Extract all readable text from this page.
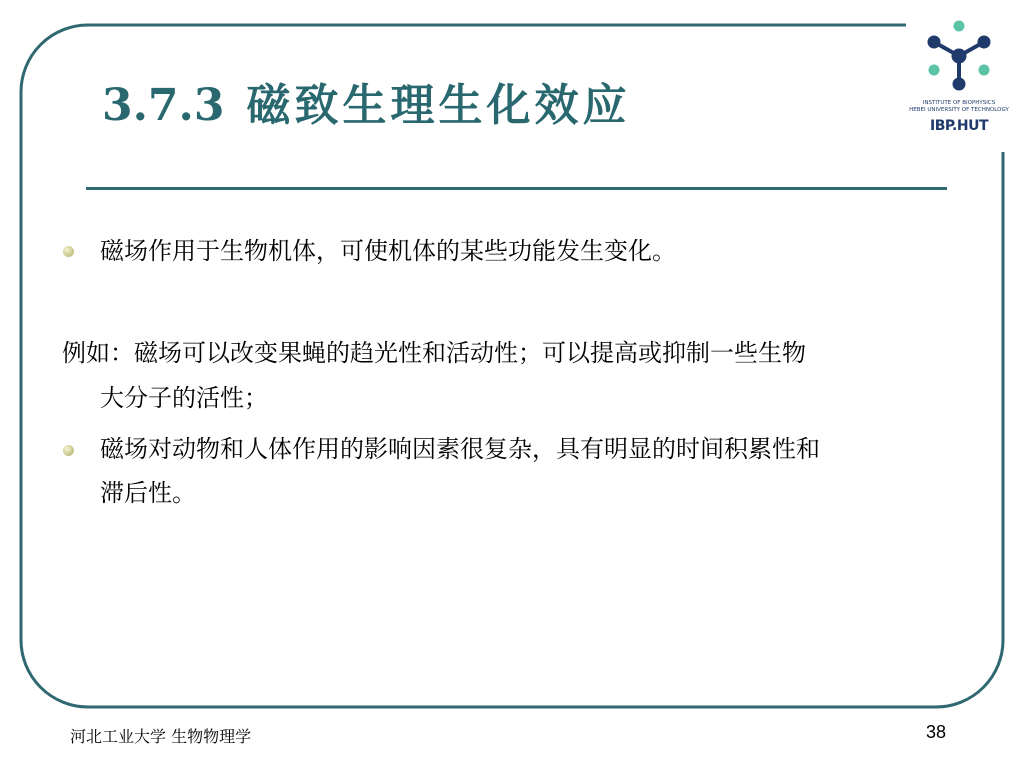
3.7.3 磁致生理生化效应	INSTITUTE OF BIOPHYSICS
HEBEI UNIVERSITY OF TECHNOLOGY
IBP.HUT

磁场作用于生物机体，可使机体的某些功能发生变化。

例如：磁场可以改变果蝇的趋光性和活动性；可以提高或抑制一些生物

大分子的活性；

磁场对动物和人体作用的影响因素很复杂，具有明显的时间积累性和

滞后性。

河北工业大学 生物物理学	38
